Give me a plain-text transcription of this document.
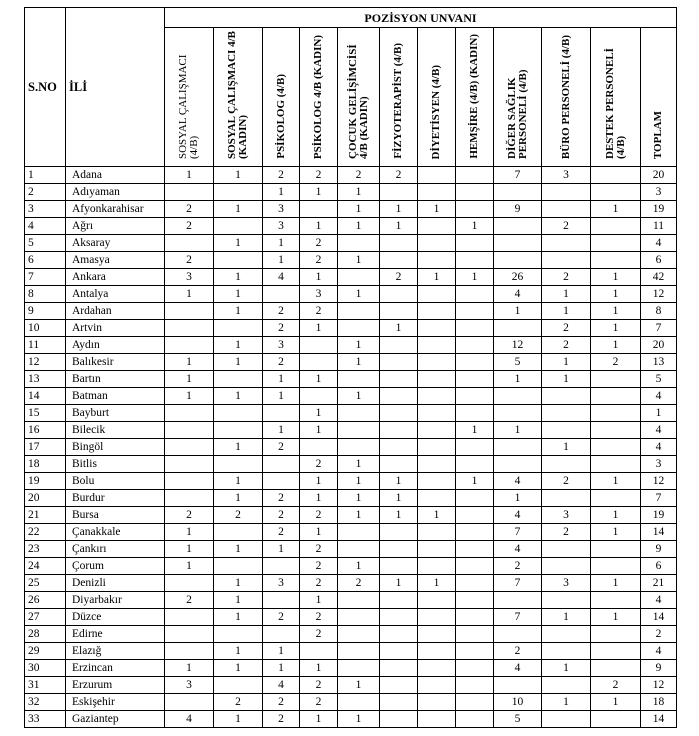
S.NO	İLİ	POZİSYON UNVANI											
		SOSYAL ÇALIŞMACI (4/B)	SOSYAL ÇALIŞMACI 4/B (KADIN)	PSİKOLOG (4/B)	PSİKOLOG 4/B (KADIN)	ÇOCUK GELİŞİMCİSİ 4/B (KADIN)	FİZYOTERAPİST (4/B)	DİYETİSYEN (4/B)	HEMŞİRE (4/B) (KADIN)	DİĞER SAĞLIK PERSONELİ (4/B)	BÜRO PERSONELİ (4/B)	DESTEK PERSONELİ (4/B)	TOPLAM
1	Adana	1	1	2	2	2	2			7	3		20
2	Adıyaman			1	1	1							3
3	Afyonkarahisar	2	1	3		1	1	1		9		1	19
4	Ağrı	2		3	1	1	1		1		2		11
5	Aksaray		1	1	2								4
6	Amasya	2		1	2	1							6
7	Ankara	3	1	4	1		2	1	1	26	2	1	42
8	Antalya	1	1		3	1				4	1	1	12
9	Ardahan		1	2	2					1	1	1	8
10	Artvin			2	1		1				2	1	7
11	Aydın		1	3		1				12	2	1	20
12	Balıkesir	1	1	2		1				5	1	2	13
13	Bartın	1		1	1					1	1		5
14	Batman	1	1	1		1							4
15	Bayburt				1								1
16	Bilecik			1	1				1	1			4
17	Bingöl		1	2							1		4
18	Bitlis				2	1							3
19	Bolu		1		1	1	1		1	4	2	1	12
20	Burdur		1	2	1	1	1			1			7
21	Bursa	2	2	2	2	1	1	1		4	3	1	19
22	Çanakkale	1		2	1					7	2	1	14
23	Çankırı	1	1	1	2					4			9
24	Çorum	1			2	1				2			6
25	Denizli		1	3	2	2	1	1		7	3	1	21
26	Diyarbakır	2	1		1								4
27	Düzce		1	2	2					7	1	1	14
28	Edirne				2								2
29	Elazığ		1	1						2			4
30	Erzincan	1	1	1	1					4	1		9
31	Erzurum	3		4	2	1						2	12
32	Eskişehir		2	2	2					10	1	1	18
33	Gaziantep	4	1	2	1	1				5			14
